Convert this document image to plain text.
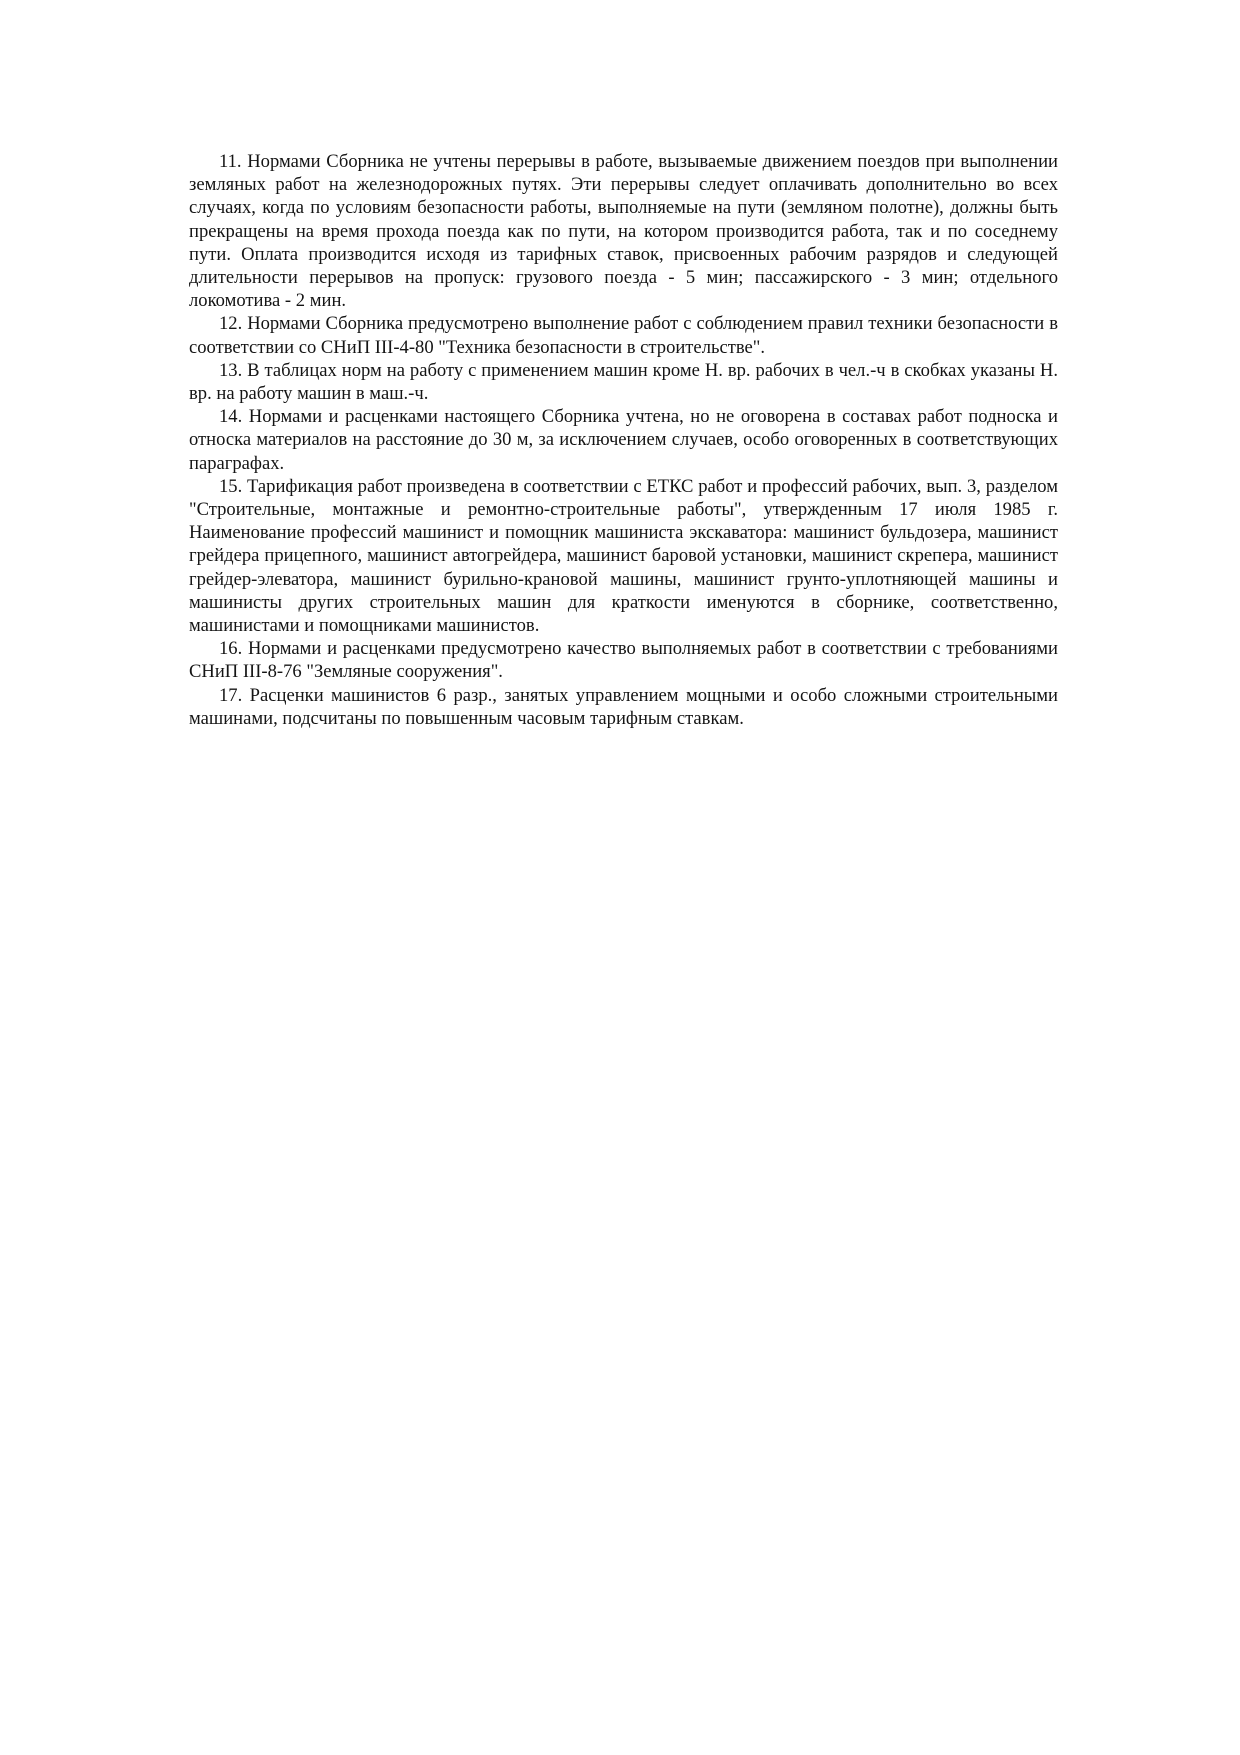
11. Нормами Сборника не учтены перерывы в работе, вызываемые движением поездов при выполнении земляных работ на железнодорожных путях. Эти перерывы следует оплачивать дополнительно во всех случаях, когда по условиям безопасности работы, выполняемые на пути (земляном полотне), должны быть прекращены на время прохода поезда как по пути, на котором производится работа, так и по соседнему пути. Оплата производится исходя из тарифных ставок, присвоенных рабочим разрядов и следующей длительности перерывов на пропуск: грузового поезда - 5 мин; пассажирского - 3 мин; отдельного локомотива - 2 мин.

12. Нормами Сборника предусмотрено выполнение работ с соблюдением правил техники безопасности в соответствии со СНиП III-4-80 "Техника безопасности в строительстве".

13. В таблицах норм на работу с применением машин кроме Н. вр. рабочих в чел.-ч в скобках указаны Н. вр. на работу машин в маш.-ч.

14. Нормами и расценками настоящего Сборника учтена, но не оговорена в составах работ подноска и относка материалов на расстояние до 30 м, за исключением случаев, особо оговоренных в соответствующих параграфах.

15. Тарификация работ произведена в соответствии с ЕТКС работ и профессий рабочих, вып. 3, разделом "Строительные, монтажные и ремонтно-строительные работы", утвержденным 17 июля 1985 г. Наименование профессий машинист и помощник машиниста экскаватора: машинист бульдозера, машинист грейдера прицепного, машинист автогрейдера, машинист баровой установки, машинист скрепера, машинист грейдер-элеватора, машинист бурильно-крановой машины, машинист грунто-уплотняющей машины и машинисты других строительных машин для краткости именуются в сборнике, соответственно, машинистами и помощниками машинистов.

16. Нормами и расценками предусмотрено качество выполняемых работ в соответствии с требованиями СНиП III-8-76 "Земляные сооружения".

17. Расценки машинистов 6 разр., занятых управлением мощными и особо сложными строительными машинами, подсчитаны по повышенным часовым тарифным ставкам.
